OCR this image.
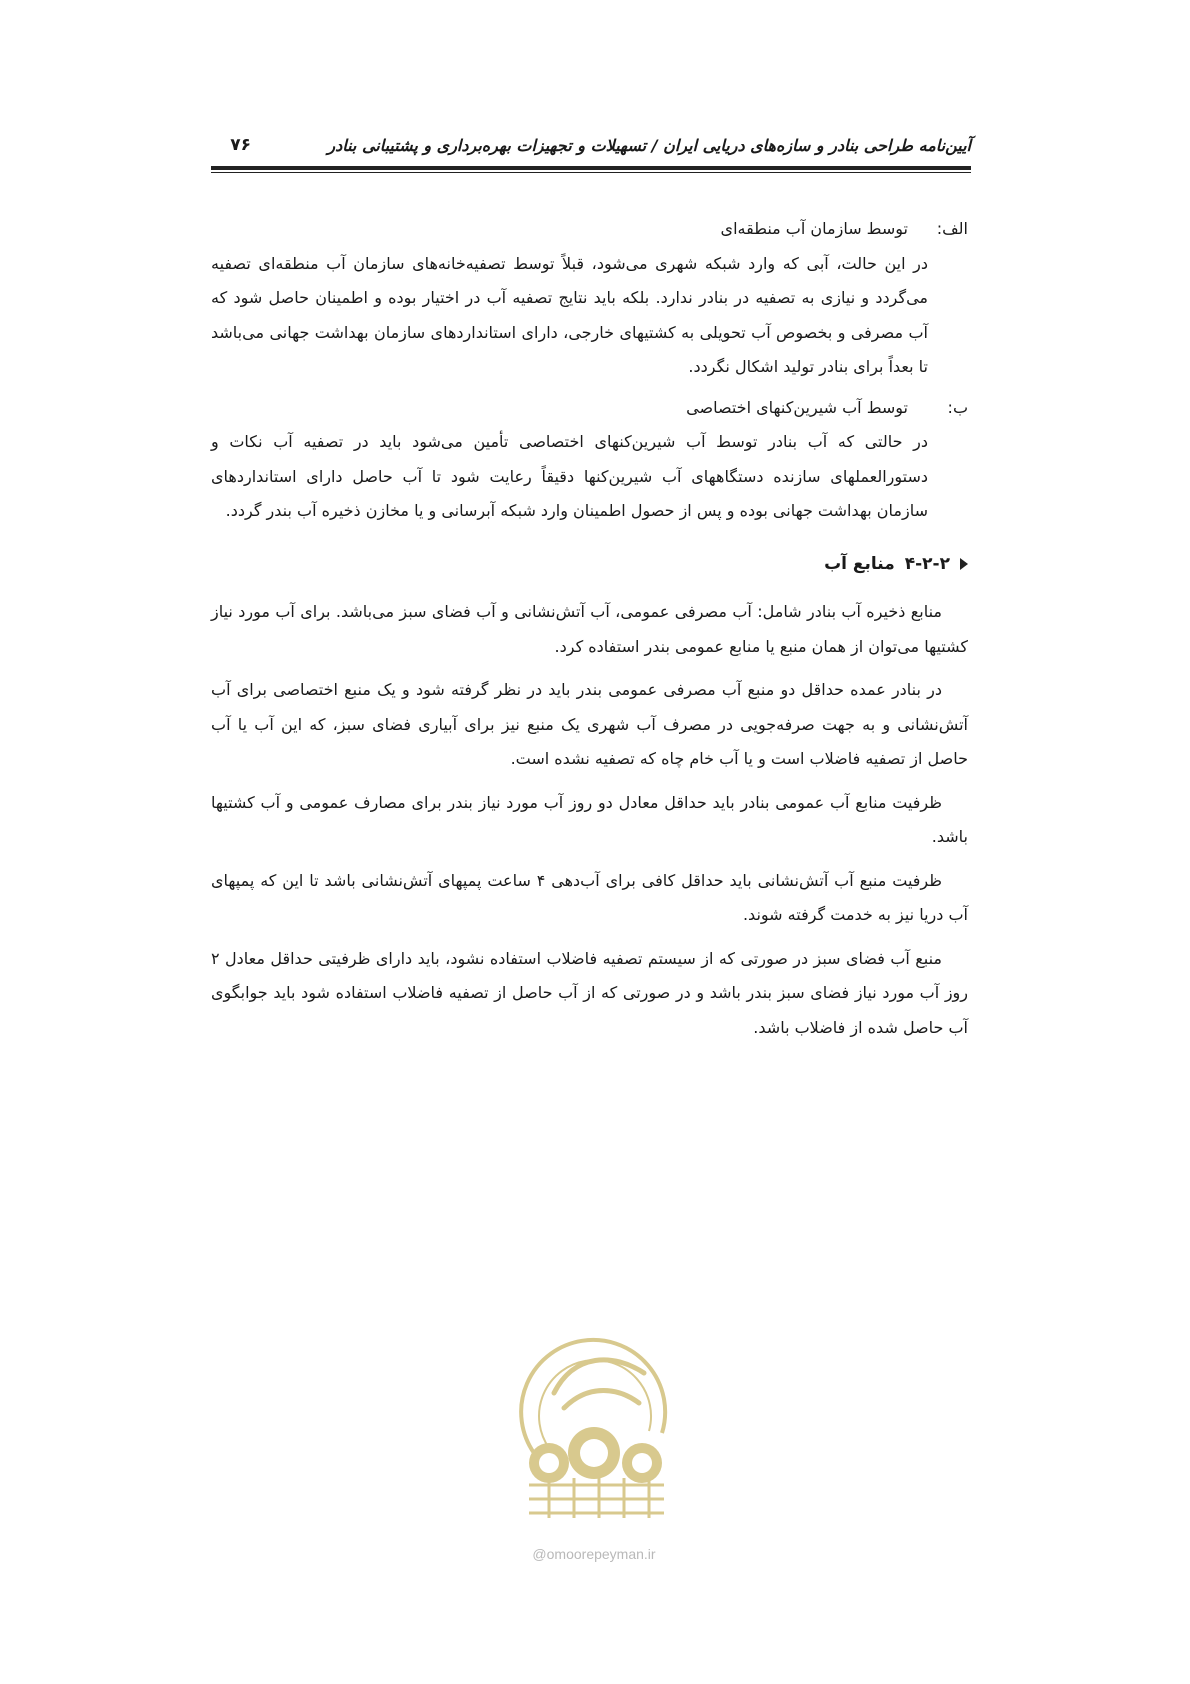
آیین‌نامه طراحی بنادر و سازه‌های دریایی ایران / تسهیلات و تجهیزات بهره‌برداری و پشتیبانی بنادر
۷۶
الف:
توسط سازمان آب منطقه‌ای
در این حالت، آبی که وارد شبکه شهری می‌شود، قبلاً توسط تصفیه‌خانه‌های سازمان آب منطقه‌ای تصفیه می‌گردد و نیازی به تصفیه در بنادر ندارد. بلکه باید نتایج تصفیه آب در اختیار بوده و اطمینان حاصل شود که آب مصرفی و بخصوص آب تحویلی به کشتیهای خارجی، دارای استانداردهای سازمان بهداشت جهانی می‌باشد تا بعداً برای بنادر تولید اشکال نگردد.
ب:
توسط آب شیرین‌کنهای اختصاصی
در حالتی که آب بنادر توسط آب شیرین‌کنهای اختصاصی تأمین می‌شود باید در تصفیه آب نکات و دستورالعملهای سازنده دستگاههای آب شیرین‌کنها دقیقاً رعایت شود تا آب حاصل دارای استانداردهای سازمان بهداشت جهانی بوده و پس از حصول اطمینان وارد شبکه آبرسانی و یا مخازن ذخیره آب بندر گردد.
۴-۲-۲
منابع آب
منابع ذخیره آب بنادر شامل: آب مصرفی عمومی، آب آتش‌نشانی و آب فضای سبز می‌باشد. برای آب مورد نیاز کشتیها می‌توان از همان منبع یا منابع عمومی بندر استفاده کرد.
در بنادر عمده حداقل دو منبع آب مصرفی عمومی بندر باید در نظر گرفته شود و یک منبع اختصاصی برای آب آتش‌نشانی و به جهت صرفه‌جویی در مصرف آب شهری یک منبع نیز برای آبیاری فضای سبز، که این آب یا آب حاصل از تصفیه فاضلاب است و یا آب خام چاه که تصفیه نشده است.
ظرفیت منابع آب عمومی بنادر باید حداقل معادل دو روز آب مورد نیاز بندر برای مصارف عمومی و آب کشتیها باشد.
ظرفیت منبع آب آتش‌نشانی باید حداقل کافی برای آب‌دهی ۴ ساعت پمپهای آتش‌نشانی باشد تا این که پمپهای آب دریا نیز به خدمت گرفته شوند.
منبع آب فضای سبز در صورتی که از سیستم تصفیه فاضلاب استفاده نشود، باید دارای ظرفیتی حداقل معادل ۲ روز آب مورد نیاز فضای سبز بندر باشد و در صورتی که از آب حاصل از تصفیه فاضلاب استفاده شود باید جوابگوی آب حاصل شده از فاضلاب باشد.
@omoorepeyman.ir
